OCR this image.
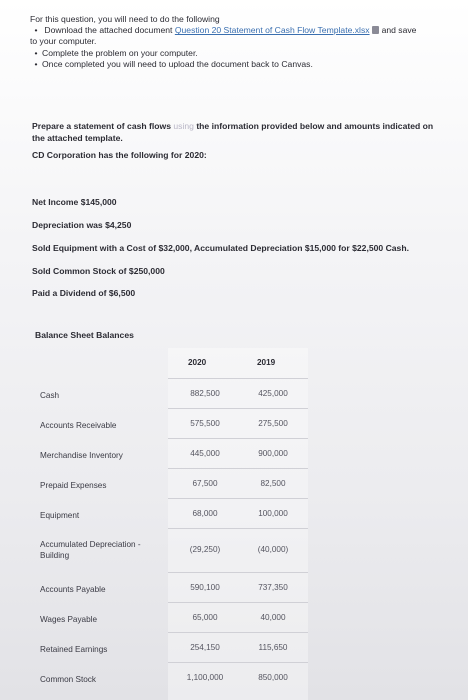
For this question, you will need to do the following
• Download the attached document Question 20 Statement of Cash Flow Template.xlsx and save
to your computer.
• Complete the problem on your computer.
• Once completed you will need to upload the document back to Canvas.
Prepare a statement of cash flows using the information provided below and amounts indicated on
the attached template.
CD Corporation has the following for 2020:
Net Income $145,000
Depreciation was $4,250
Sold Equipment with a Cost of $32,000, Accumulated Depreciation $15,000 for $22,500 Cash.
Sold Common Stock of $250,000
Paid a Dividend of $6,500
Balance Sheet Balances
2020	2019
Cash	882,500	425,000
Accounts Receivable	575,500	275,500
Merchandise Inventory	445,000	900,000
Prepaid Expenses	67,500	82,500
Equipment	68,000	100,000
Accumulated Depreciation - Building
(29,250)	(40,000)
Accounts Payable	590,100	737,350
Wages Payable	65,000	40,000
Retained Earnings	254,150	115,650
Common Stock	1,100,000	850,000
